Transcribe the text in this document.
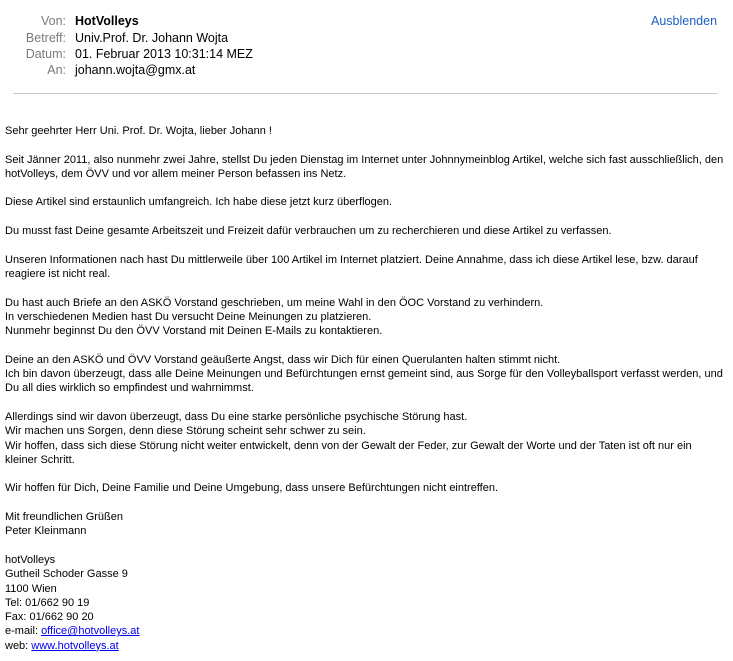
Von: HotVolleys
Betreff: Univ.Prof. Dr. Johann Wojta
Datum: 01. Februar 2013 10:31:14 MEZ
An: johann.wojta@gmx.at
Ausblenden
Sehr geehrter Herr Uni. Prof. Dr. Wojta, lieber Johann !
Seit Jänner 2011, also nunmehr zwei Jahre, stellst Du jeden Dienstag im Internet unter Johnnymeinblog Artikel, welche sich fast ausschließlich, den
hotVolleys, dem ÖVV und vor allem meiner Person befassen ins Netz.
Diese Artikel sind erstaunlich umfangreich. Ich habe diese jetzt kurz überflogen.
Du musst fast Deine gesamte Arbeitszeit und Freizeit dafür verbrauchen um zu recherchieren und diese Artikel zu verfassen.
Unseren Informationen nach hast Du mittlerweile über 100 Artikel im Internet platziert. Deine Annahme, dass ich diese Artikel lese, bzw. darauf
reagiere ist nicht real.
Du hast auch Briefe an den ASKÖ Vorstand geschrieben, um meine Wahl in den ÖOC Vorstand zu verhindern.
In verschiedenen Medien hast Du versucht Deine Meinungen zu platzieren.
Nunmehr beginnst Du den ÖVV Vorstand mit Deinen E-Mails zu kontaktieren.
Deine an den ASKÖ und ÖVV Vorstand geäußerte Angst, dass wir Dich für einen Querulanten halten stimmt nicht.
Ich bin davon überzeugt, dass alle Deine Meinungen und Befürchtungen ernst gemeint sind, aus Sorge für den Volleyballsport verfasst werden, und
Du all dies wirklich so empfindest und wahrnimmst.
Allerdings sind wir davon überzeugt, dass Du eine starke persönliche psychische Störung hast.
Wir machen uns Sorgen, denn diese Störung scheint sehr schwer zu sein.
Wir hoffen, dass sich diese Störung nicht weiter entwickelt, denn von der Gewalt der Feder, zur Gewalt der Worte und der Taten ist oft nur ein
kleiner Schritt.
Wir hoffen für Dich, Deine Familie und Deine Umgebung, dass unsere Befürchtungen nicht eintreffen.
Mit freundlichen Grüßen
Peter Kleinmann
hotVolleys
Gutheil Schoder Gasse 9
1100 Wien
Tel: 01/662 90 19
Fax: 01/662 90 20
e-mail: office@hotvolleys.at
web: www.hotvolleys.at
